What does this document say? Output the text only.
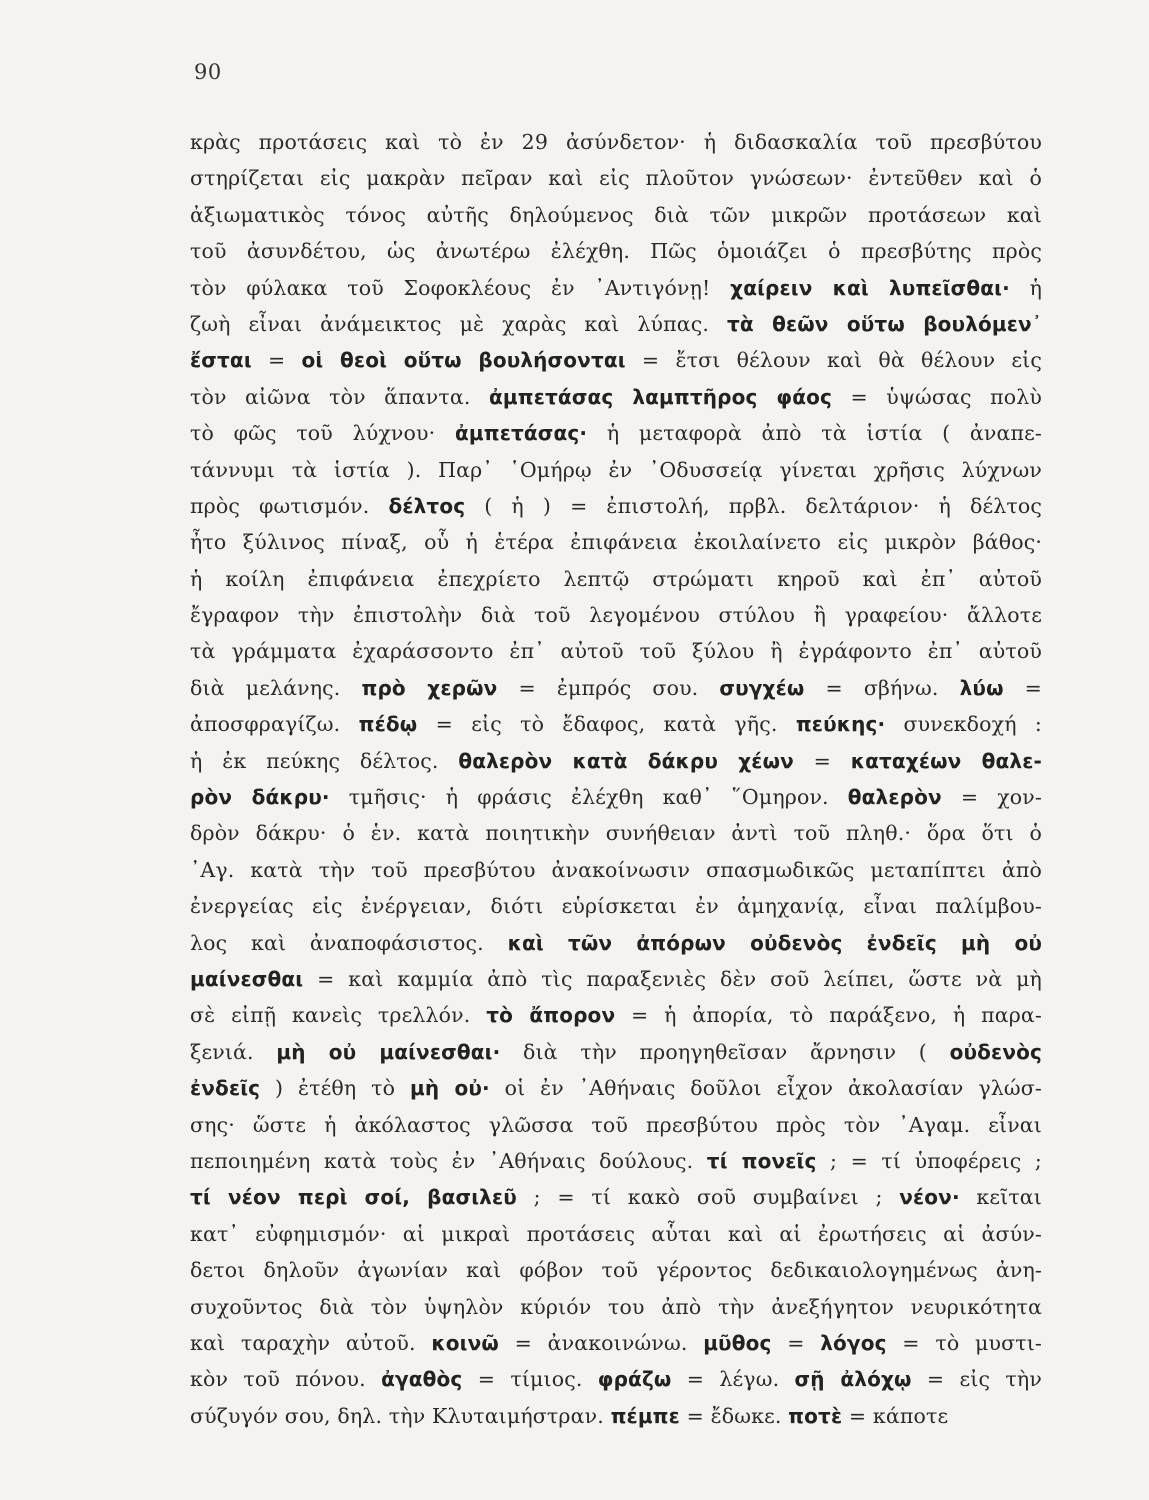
90
κρὰς προτάσεις καὶ τὸ ἐν 29 ἀσύνδετον· ἡ διδασκαλία τοῦ πρεσβύτου
στηρίζεται εἰς μακρὰν πεῖραν καὶ εἰς πλοῦτον γνώσεων· ἐντεῦθεν καὶ ὁ
ἀξιωματικὸς τόνος αὐτῆς δηλούμενος διὰ τῶν μικρῶν προτάσεων καὶ
τοῦ ἀσυνδέτου, ὡς ἀνωτέρω ἐλέχθη. Πῶς ὁμοιάζει ὁ πρεσβύτης πρὸς
τὸν φύλακα τοῦ Σοφοκλέους ἐν ᾿Αντιγόνῃ! χαίρειν καὶ λυπεῖσθαι· ἡ
ζωὴ εἶναι ἀνάμεικτος μὲ χαρὰς καὶ λύπας. τὰ θεῶν οὕτω βουλόμεν᾿
ἔσται = οἱ θεοὶ οὕτω βουλήσονται = ἔτσι θέλουν καὶ θὰ θέλουν εἰς
τὸν αἰῶνα τὸν ἅπαντα. ἀμπετάσας λαμπτῆρος φάος = ὑψώσας πολὺ
τὸ φῶς τοῦ λύχνου· ἀμπετάσας· ἡ μεταφορὰ ἀπὸ τὰ ἱστία ( ἀναπε-
τάννυμι τὰ ἱστία ). Παρ᾿ ῾Ομήρῳ ἐν ᾿Οδυσσείᾳ γίνεται χρῆσις λύχνων
πρὸς φωτισμόν. δέλτος ( ἡ ) = ἐπιστολή, πρβλ. δελτάριον· ἡ δέλτος
ἦτο ξύλινος πίναξ, οὗ ἡ ἑτέρα ἐπιφάνεια ἐκοιλαίνετο εἰς μικρὸν βάθος·
ἡ κοίλη ἐπιφάνεια ἐπεχρίετο λεπτῷ στρώματι κηροῦ καὶ ἐπ᾿ αὐτοῦ
ἔγραφον τὴν ἐπιστολὴν διὰ τοῦ λεγομένου στύλου ἢ γραφείου· ἄλλοτε
τὰ γράμματα ἐχαράσσοντο ἐπ᾿ αὐτοῦ τοῦ ξύλου ἢ ἐγράφοντο ἐπ᾿ αὐτοῦ
διὰ μελάνης. πρὸ χερῶν = ἐμπρός σου. συγχέω = σβήνω. λύω =
ἀποσφραγίζω. πέδῳ = εἰς τὸ ἔδαφος, κατὰ γῆς. πεύκης· συνεκδοχή :
ἡ ἐκ πεύκης δέλτος. θαλερὸν κατὰ δάκρυ χέων = καταχέων θαλε-
ρὸν δάκρυ· τμῆσις· ἡ φράσις ἐλέχθη καθ᾿ ῞Ομηρον. θαλερὸν = χον-
δρὸν δάκρυ· ὁ ἑν. κατὰ ποιητικὴν συνήθειαν ἀντὶ τοῦ πληθ.· ὅρα ὅτι ὁ
᾿Αγ. κατὰ τὴν τοῦ πρεσβύτου ἀνακοίνωσιν σπασμωδικῶς μεταπίπτει ἀπὸ
ἐνεργείας εἰς ἐνέργειαν, διότι εὑρίσκεται ἐν ἀμηχανίᾳ, εἶναι παλίμβου-
λος καὶ ἀναποφάσιστος. καὶ τῶν ἀπόρων οὐδενὸς ἐνδεῖς μὴ οὐ
μαίνεσθαι = καὶ καμμία ἀπὸ τὶς παραξενιὲς δὲν σοῦ λείπει, ὥστε νὰ μὴ
σὲ εἰπῇ κανεὶς τρελλόν. τὸ ἄπορον = ἡ ἀπορία, τὸ παράξενο, ἡ παρα-
ξενιά. μὴ οὐ μαίνεσθαι· διὰ τὴν προηγηθεῖσαν ἄρνησιν ( οὐδενὸς
ἐνδεῖς ) ἐτέθη τὸ μὴ οὐ· οἱ ἐν ᾿Αθήναις δοῦλοι εἶχον ἀκολασίαν γλώσ-
σης· ὥστε ἡ ἀκόλαστος γλῶσσα τοῦ πρεσβύτου πρὸς τὸν ᾿Αγαμ. εἶναι
πεποιημένη κατὰ τοὺς ἐν ᾿Αθήναις δούλους. τί πονεῖς ; = τί ὑποφέρεις ;
τί νέον περὶ σοί, βασιλεῦ ; = τί κακὸ σοῦ συμβαίνει ; νέον· κεῖται
κατ᾿ εὐφημισμόν· αἱ μικραὶ προτάσεις αὗται καὶ αἱ ἐρωτήσεις αἱ ἀσύν-
δετοι δηλοῦν ἀγωνίαν καὶ φόβον τοῦ γέροντος δεδικαιολογημένως ἀνη-
συχοῦντος διὰ τὸν ὑψηλὸν κύριόν του ἀπὸ τὴν ἀνεξήγητον νευρικότητα
καὶ ταραχὴν αὐτοῦ. κοινῶ = ἀνακοινώνω. μῦθος = λόγος = τὸ μυστι-
κὸν τοῦ πόνου. ἀγαθὸς = τίμιος. φράζω = λέγω. σῇ ἀλόχῳ = εἰς τὴν
σύζυγόν σου, δηλ. τὴν Κλυταιμήστραν. πέμπε = ἔδωκε. ποτὲ = κάποτε
